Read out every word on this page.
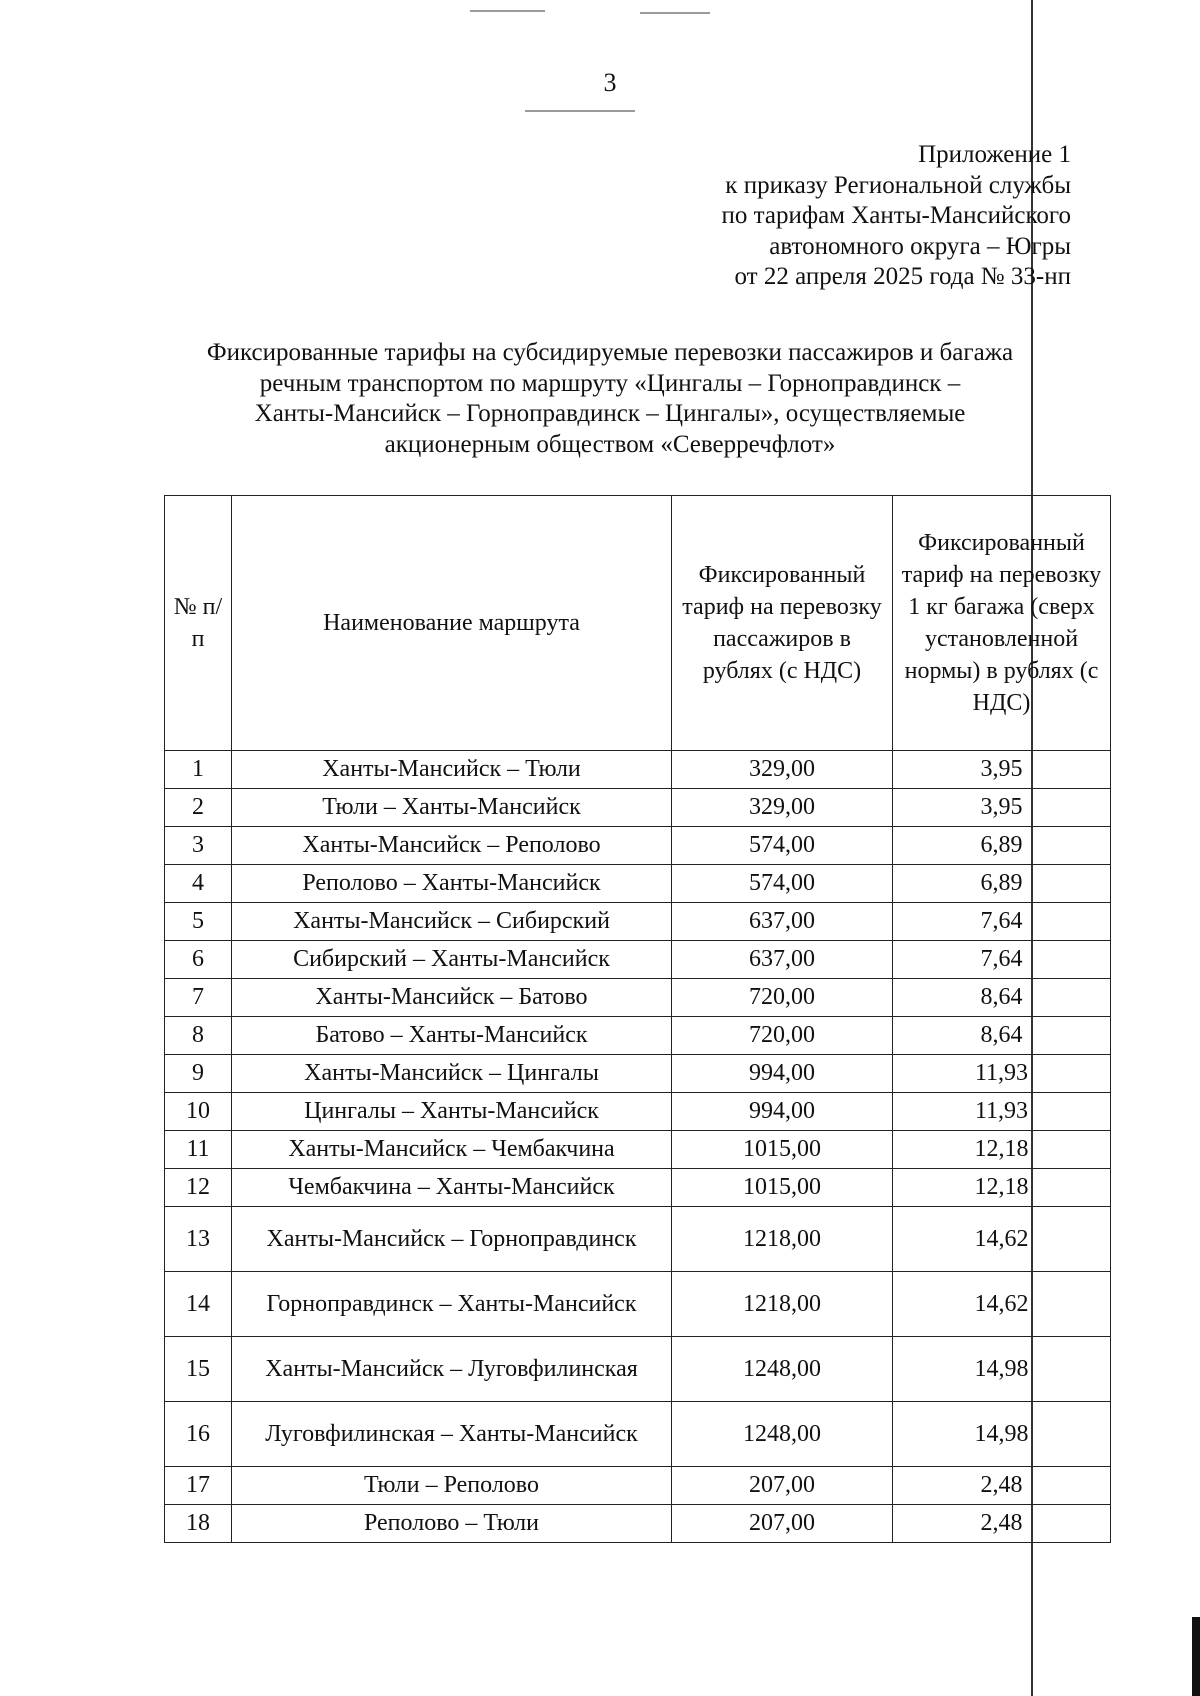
3
Приложение 1
к приказу Региональной службы
по тарифам Ханты-Мансийского
автономного округа – Югры
от 22 апреля 2025 года № 33-нп
Фиксированные тарифы на субсидируемые перевозки пассажиров и багажа
речным транспортом по маршруту «Цингалы – Горноправдинск –
Ханты-Мансийск – Горноправдинск – Цингалы», осуществляемые
акционерным обществом «Северречфлот»
№ п/п	Наименование маршрута	Фиксированный тариф на перевозку пассажиров в рублях (с НДС)	Фиксированный тариф на перевозку 1 кг багажа (сверх установленной нормы) в рублях (с НДС)
1	Ханты-Мансийск – Тюли	329,00	3,95
2	Тюли – Ханты-Мансийск	329,00	3,95
3	Ханты-Мансийск – Реполово	574,00	6,89
4	Реполово – Ханты-Мансийск	574,00	6,89
5	Ханты-Мансийск – Сибирский	637,00	7,64
6	Сибирский – Ханты-Мансийск	637,00	7,64
7	Ханты-Мансийск – Батово	720,00	8,64
8	Батово – Ханты-Мансийск	720,00	8,64
9	Ханты-Мансийск – Цингалы	994,00	11,93
10	Цингалы – Ханты-Мансийск	994,00	11,93
11	Ханты-Мансийск – Чембакчина	1015,00	12,18
12	Чембакчина – Ханты-Мансийск	1015,00	12,18
13	Ханты-Мансийск – Горноправдинск	1218,00	14,62
14	Горноправдинск – Ханты-Мансийск	1218,00	14,62
15	Ханты-Мансийск – Луговфилинская	1248,00	14,98
16	Луговфилинская – Ханты-Мансийск	1248,00	14,98
17	Тюли – Реполово	207,00	2,48
18	Реполово – Тюли	207,00	2,48
